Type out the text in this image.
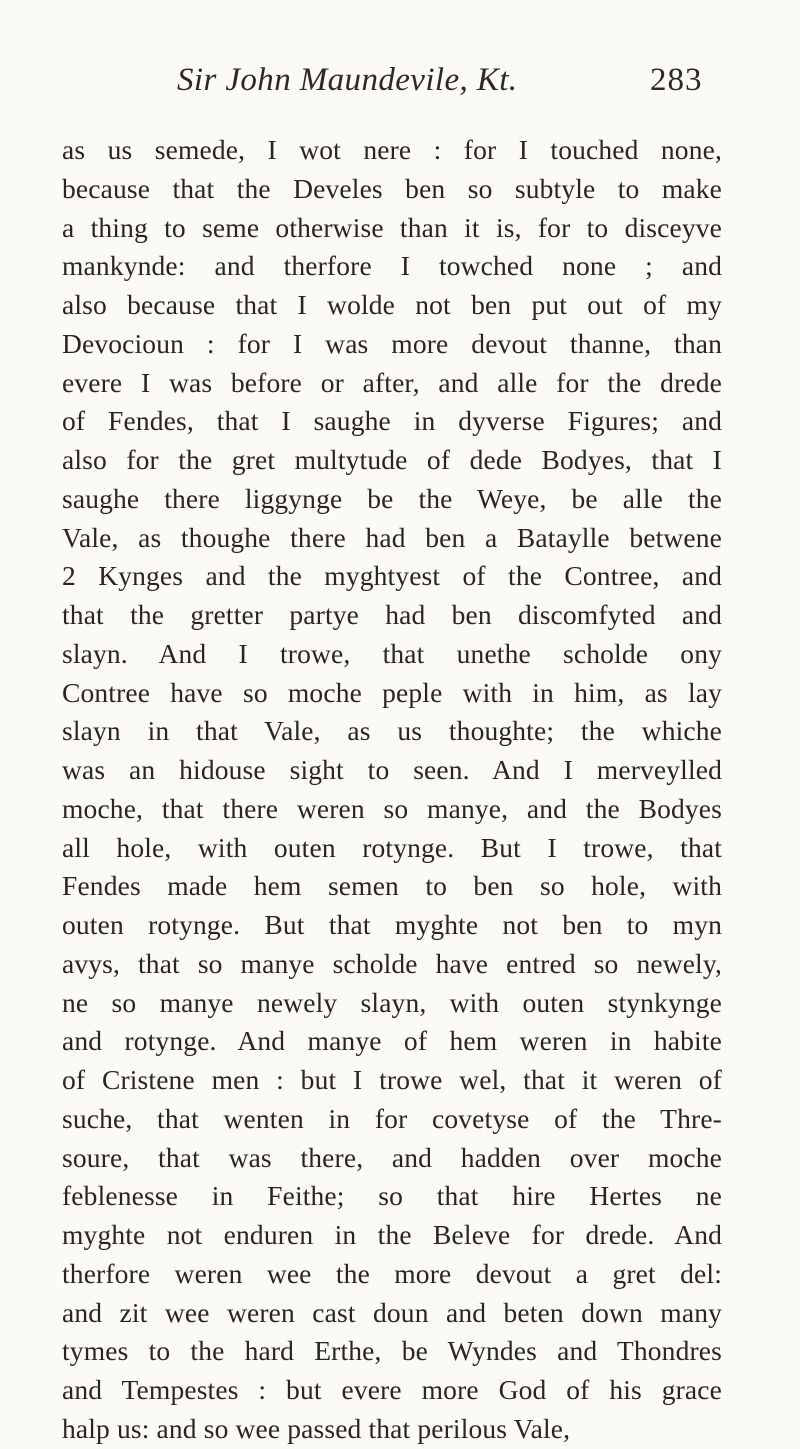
Sir John Maundevile, Kt.	283
as us semede, I wot nere : for I touched none,
because that the Develes ben so subtyle to make
a thing to seme otherwise than it is, for to disceyve
mankynde: and therfore I towched none ; and
also because that I wolde not ben put out of my
Devocioun : for I was more devout thanne, than
evere I was before or after, and alle for the drede
of Fendes, that I saughe in dyverse Figures; and
also for the gret multytude of dede Bodyes, that I
saughe there liggynge be the Weye, be alle the
Vale, as thoughe there had ben a Bataylle betwene
2 Kynges and the myghtyest of the Contree, and
that the gretter partye had ben discomfyted and
slayn. And I trowe, that unethe scholde ony
Contree have so moche peple with in him, as lay
slayn in that Vale, as us thoughte; the whiche
was an hidouse sight to seen. And I merveylled
moche, that there weren so manye, and the Bodyes
all hole, with outen rotynge. But I trowe, that
Fendes made hem semen to ben so hole, with
outen rotynge. But that myghte not ben to myn
avys, that so manye scholde have entred so newely,
ne so manye newely slayn, with outen stynkynge
and rotynge. And manye of hem weren in habite
of Cristene men : but I trowe wel, that it weren of
suche, that wenten in for covetyse of the Thre-
soure, that was there, and hadden over moche
feblenesse in Feithe; so that hire Hertes ne
myghte not enduren in the Beleve for drede. And
therfore weren wee the more devout a gret del:
and zit wee weren cast doun and beten down many
tymes to the hard Erthe, be Wyndes and Thondres
and Tempestes : but evere more God of his grace
halp us: and so wee passed that perilous Vale,
